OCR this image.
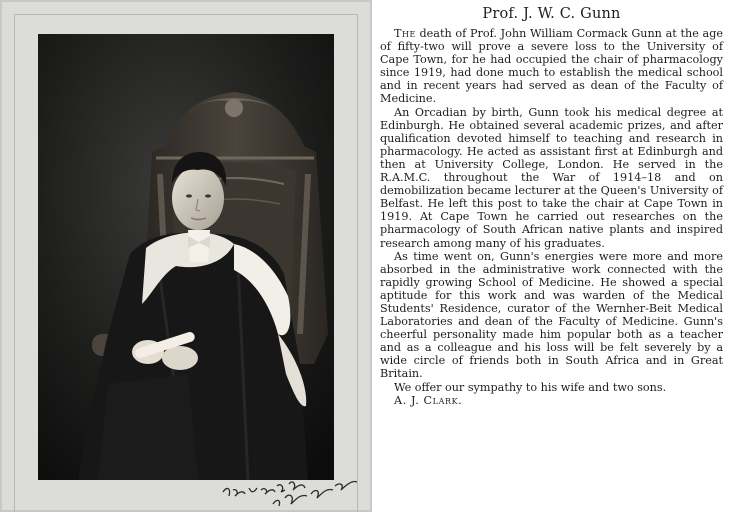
Prof. J. W. C. Gunn

The death of Prof. John William Cormack Gunn at the age of fifty-two will prove a severe loss to the University of Cape Town, for he had occupied the chair of pharmacology since 1919, had done much to establish the medical school and in recent years had served as dean of the Faculty of Medicine.

An Orcadian by birth, Gunn took his medical degree at Edinburgh. He obtained several academic prizes, and after qualification devoted himself to teaching and research in pharmacology. He acted as assistant first at Edinburgh and then at University College, London. He served in the R.A.M.C. throughout the War of 1914–18 and on demobilization became lecturer at the Queen's University of Belfast. He left this post to take the chair at Cape Town in 1919. At Cape Town he carried out researches on the pharmacology of South African native plants and inspired research among many of his graduates.

As time went on, Gunn's energies were more and more absorbed in the administrative work connected with the rapidly growing School of Medicine. He showed a special aptitude for this work and was warden of the Medical Students' Residence, curator of the Wernher-Beit Medical Laboratories and dean of the Faculty of Medicine. Gunn's cheerful personality made him popular both as a teacher and as a colleague and his loss will be felt severely by a wide circle of friends both in South Africa and in Great Britain.

We offer our sympathy to his wife and two sons.

A. J. Clark.
